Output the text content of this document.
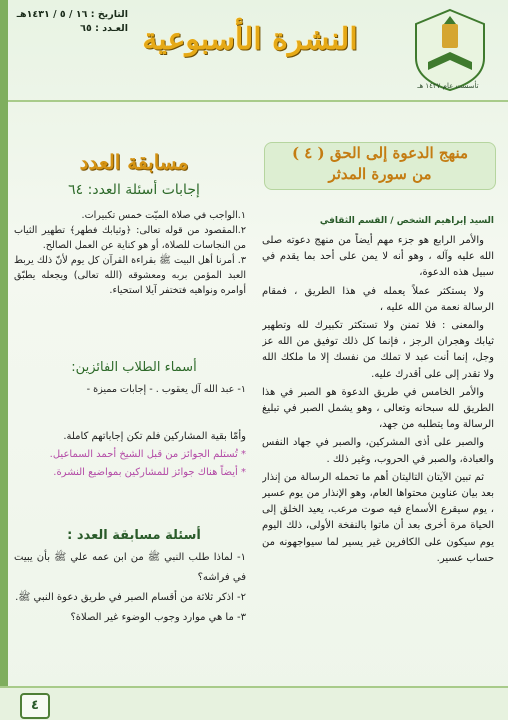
التاريخ : ١٦ / ٥ / ١٤٣١هـ
العـدد : ٦٥ النشرة الأسبوعية
تأسست عام ١٤٢٧ هـ
منهج الدعوة إلى الحق ( ٤ )
من سورة المدثر
السيد إبراهيم الشخص / القسم الثقافي

والأمر الرابع هو جزء مهم أيضاً من منهج دعوته صلى الله عليه وآله ، وهو أنه لا يمن على أحد بما يقدم في سبيل هذه الدعوة،

ولا يستكثر عملاً يعمله في هذا الطريق ، فمقام الرسالة نعمة من الله عليه ،

والمعنى : فلا تمنن ولا تستكثر تكبيرك لله وتطهير ثيابك وهجران الرجز ، فإنما كل ذلك توفيق من الله عز وجل، إنما أنت عبد لا تملك من نفسك إلا ما ملكك الله ولا تقدر إلى على أقدرك عليه.

والأمر الخامس في طريق الدعوة هو الصبر في هذا الطريق لله سبحانه وتعالى ، وهو يشمل الصبر في تبليغ الرسالة وما يتطلبه من جهد،

والصبر على أذى المشركين، والصبر في جهاد النفس والعبادة، والصبر في الحروب، وغير ذلك .

ثم تبين الآيتان التاليتان أهم ما تحمله الرسالة من إنذار بعد بيان عناوين محتواها العام، وهو الإنذار من يوم عسير ، يوم سيقرع الأسماع فيه صوت مرعب، يعيد الخلق إلى الحياة مرة أخرى بعد أن ماتوا بالنفخة الأولى، ذلك اليوم يوم سيكون على الكافرين غير يسير لما سيواجهونه من حساب عسير.

مسابقة العدد
إجابات أسئلة العدد: ٦٤

١.الواجب في صلاة الميّت خمس تكبيرات.

٢.المقصود من قوله تعالى: ﴿وثيابك فطهر﴾ تطهير الثياب من النجاسات للصلاة، أو هو كناية عن العمل الصالح.

٣. أمرنا أهل البيت ﷺ بقراءة القرآن كل يوم لأنّ ذلك يربط العبد المؤمن بربه ومعشوقه (الله تعالى) ويجعله يطبّق أوامره ونواهيه فتختفر آيلا استحياء.

أسماء الطلاب الفائزين:

١- عبد الله آل يعقوب . - إجابات مميزة -

وأمّا بقية المشاركين فلم تكن إجاباتهم كاملة.

* تُستلم الجوائز من قبل الشيخ أحمد السماعيل.

* أيضاً هناك جوائز للمشاركين بمواضيع النشرة.

أسئلة مسابقة العدد :

١- لماذا طلب النبي ﷺ من ابن عمه علي ﷺ بأن يبيت في فراشه؟

٢- اذكر ثلاثة من أقسام الصبر في طريق دعوة النبي ﷺ.

٣- ما هي موارد وجوب الوضوء غير الصلاة؟

٤
